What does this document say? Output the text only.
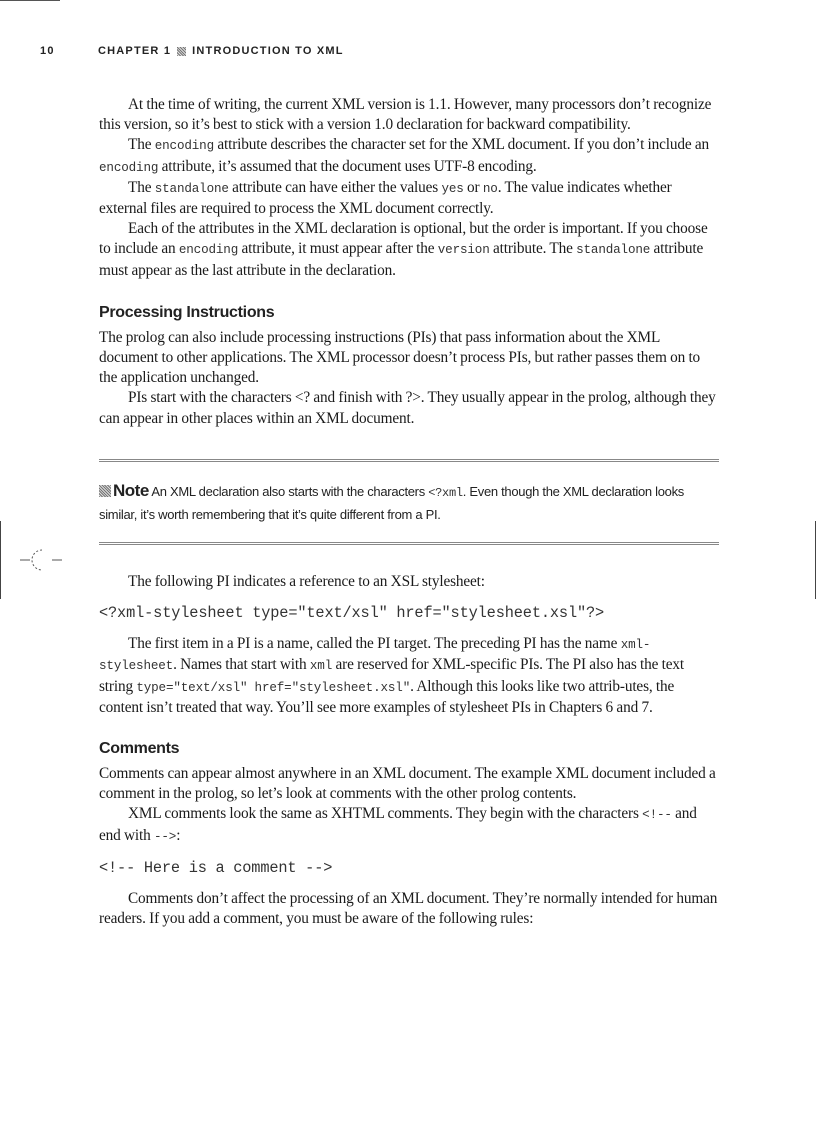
10	CHAPTER 1 INTRODUCTION TO XML

At the time of writing, the current XML version is 1.1. However, many processors don’t recognize this version, so it’s best to stick with a version 1.0 declaration for backward compatibility.

The encoding attribute describes the character set for the XML document. If you don’t include an encoding attribute, it’s assumed that the document uses UTF-8 encoding.

The standalone attribute can have either the values yes or no. The value indicates whether external files are required to process the XML document correctly.

Each of the attributes in the XML declaration is optional, but the order is important. If you choose to include an encoding attribute, it must appear after the version attribute. The standalone attribute must appear as the last attribute in the declaration.

Processing Instructions

The prolog can also include processing instructions (PIs) that pass information about the XML document to other applications. The XML processor doesn’t process PIs, but rather passes them on to the application unchanged.

PIs start with the characters <? and finish with ?>. They usually appear in the prolog, although they can appear in other places within an XML document.

Note An XML declaration also starts with the characters <?xml. Even though the XML declaration looks similar, it’s worth remembering that it’s quite different from a PI.

The following PI indicates a reference to an XSL stylesheet:

<?xml-stylesheet type="text/xsl" href="stylesheet.xsl"?>

The first item in a PI is a name, called the PI target. The preceding PI has the name xml-stylesheet. Names that start with xml are reserved for XML-specific PIs. The PI also has the text string type="text/xsl" href="stylesheet.xsl". Although this looks like two attrib-utes, the content isn’t treated that way. You’ll see more examples of stylesheet PIs in Chapters 6 and 7.

Comments

Comments can appear almost anywhere in an XML document. The example XML document included a comment in the prolog, so let’s look at comments with the other prolog contents.

XML comments look the same as XHTML comments. They begin with the characters <!-- and end with -->:

<!-- Here is a comment -->

Comments don’t affect the processing of an XML document. They’re normally intended for human readers. If you add a comment, you must be aware of the following rules:
